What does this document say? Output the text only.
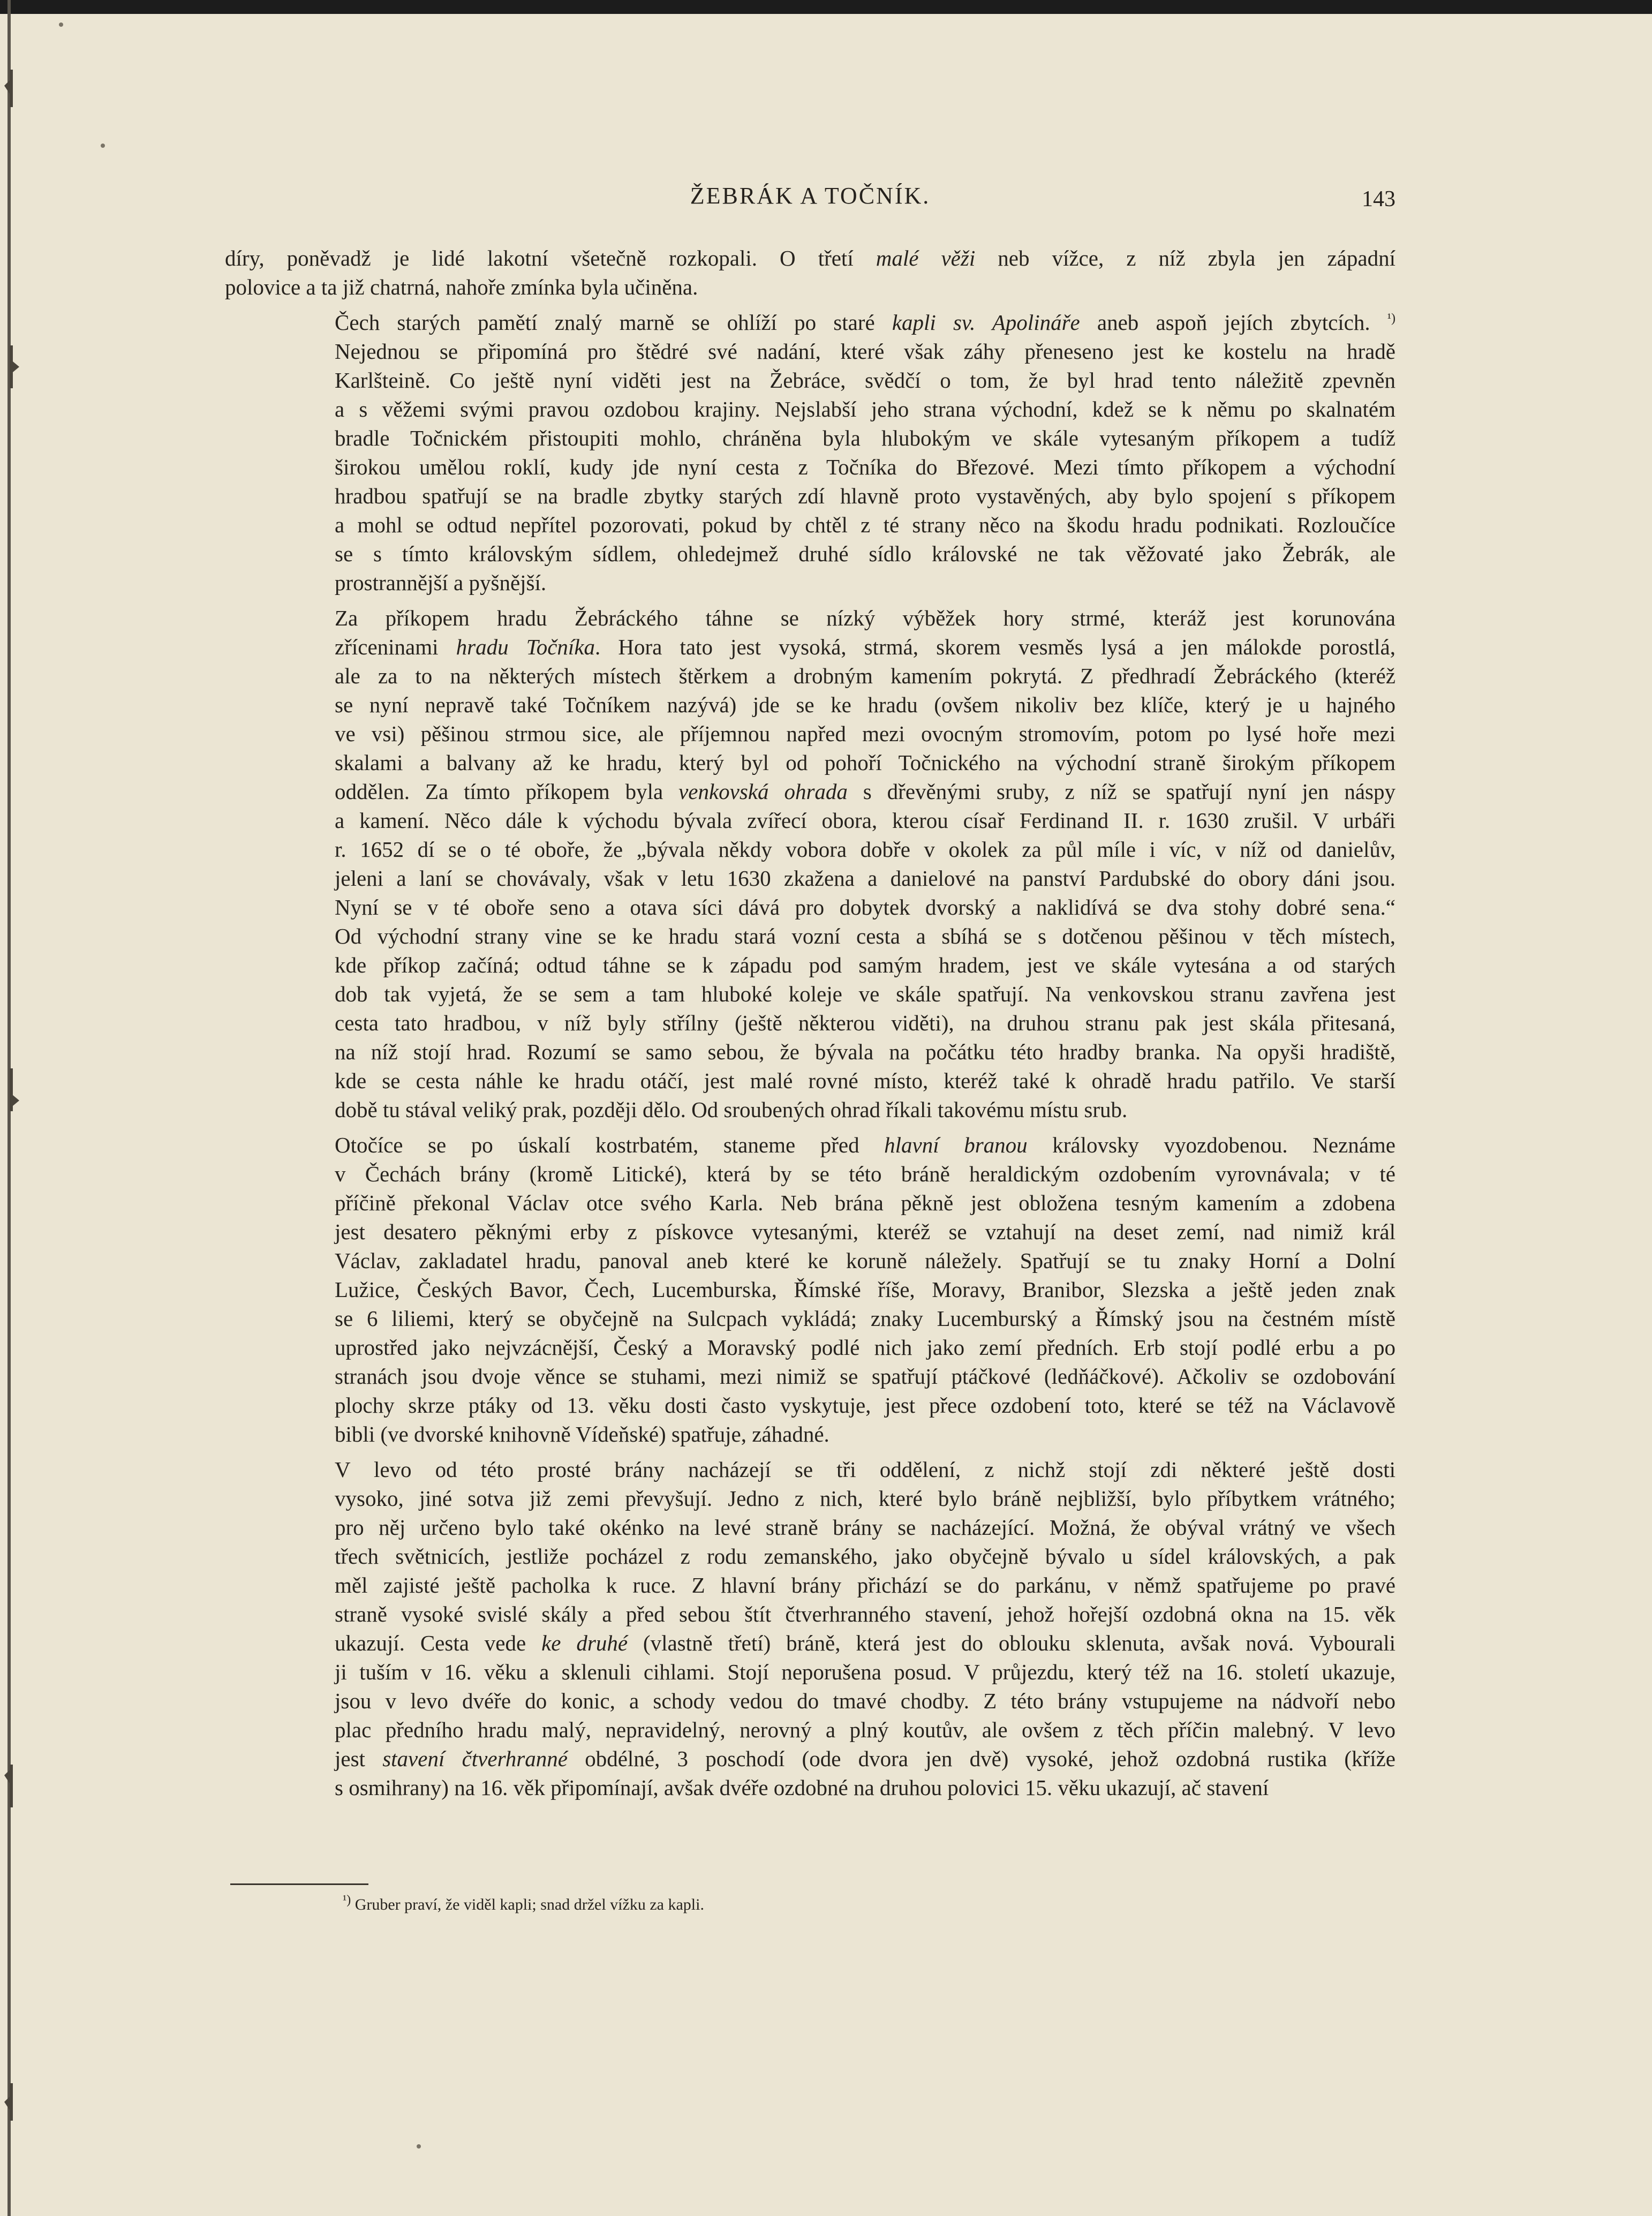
ŽEBRÁK A TOČNÍK.	143
díry, poněvadž je lidé lakotní všetečně rozkopali. O třetí malé věži neb vížce, z níž zbyla jen západní
polovice a ta již chatrná, nahoře zmínka byla učiněna.
Čech starých pamětí znalý marně se ohlíží po staré kapli sv. Apolináře aneb aspoň jejích zbytcích. $^{^1)}$
Nejednou se připomíná pro štědré své nadání, které však záhy přeneseno jest ke kostelu na hradě
Karlšteině. Co ještě nyní viděti jest na Žebráce, svědčí o tom, že byl hrad tento náležitě zpevněn
a s věžemi svými pravou ozdobou krajiny. Nejslabší jeho strana východní, kdež se k němu po skalnatém
bradle Točnickém přistoupiti mohlo, chráněna byla hlubokým ve skále vytesaným příkopem a tudíž
širokou umělou roklí, kudy jde nyní cesta z Točníka do Březové. Mezi tímto příkopem a východní
hradbou spatřují se na bradle zbytky starých zdí hlavně proto vystavěných, aby bylo spojení s příkopem
a mohl se odtud nepřítel pozorovati, pokud by chtěl z té strany něco na škodu hradu podnikati. Rozloučíce
se s tímto královským sídlem, ohledejmež druhé sídlo královské ne tak věžovaté jako Žebrák, ale
prostrannější a pyšnější.
Za příkopem hradu Žebráckého táhne se nízký výběžek hory strmé, kteráž jest korunována
zříceninami hradu Točníka. Hora tato jest vysoká, strmá, skorem vesměs lysá a jen málokde porostlá,
ale za to na některých místech štěrkem a drobným kamením pokrytá. Z předhradí Žebráckého (kteréž
se nyní nepravě také Točníkem nazývá) jde se ke hradu (ovšem nikoliv bez klíče, který je u hajného
ve vsi) pěšinou strmou sice, ale příjemnou napřed mezi ovocným stromovím, potom po lysé hoře mezi
skalami a balvany až ke hradu, který byl od pohoří Točnického na východní straně širokým příkopem
oddělen. Za tímto příkopem byla venkovská ohrada s dřevěnými sruby, z níž se spatřují nyní jen náspy
a kamení. Něco dále k východu bývala zvířecí obora, kterou císař Ferdinand II. r. 1630 zrušil. V urbáři
r. 1652 dí se o té oboře, že „bývala někdy vobora dobře v okolek za půl míle i víc, v níž od danielův,
jeleni a laní se chovávaly, však v letu 1630 zkažena a danielové na panství Pardubské do obory dáni jsou.
Nyní se v té oboře seno a otava síci dává pro dobytek dvorský a naklidívá se dva stohy dobré sena.“
Od východní strany vine se ke hradu stará vozní cesta a sbíhá se s dotčenou pěšinou v těch místech,
kde příkop začíná; odtud táhne se k západu pod samým hradem, jest ve skále vytesána a od starých
dob tak vyjetá, že se sem a tam hluboké koleje ve skále spatřují. Na venkovskou stranu zavřena jest
cesta tato hradbou, v níž byly střílny (ještě některou viděti), na druhou stranu pak jest skála přitesaná,
na níž stojí hrad. Rozumí se samo sebou, že bývala na počátku této hradby branka. Na opyši hradiště,
kde se cesta náhle ke hradu otáčí, jest malé rovné místo, kteréž také k ohradě hradu patřilo. Ve starší
době tu stával veliký prak, později dělo. Od sroubených ohrad říkali takovému místu srub.
Otočíce se po úskalí kostrbatém, staneme před hlavní branou královsky vyozdobenou. Neznáme
v Čechách brány (kromě Litické), která by se této bráně heraldickým ozdobením vyrovnávala; v té
příčině překonal Václav otce svého Karla. Neb brána pěkně jest obložena tesným kamením a zdobena
jest desatero pěknými erby z pískovce vytesanými, kteréž se vztahují na deset zemí, nad nimiž král
Václav, zakladatel hradu, panoval aneb které ke koruně náležely. Spatřují se tu znaky Horní a Dolní
Lužice, Českých Bavor, Čech, Lucemburska, Římské říše, Moravy, Branibor, Slezska a ještě jeden znak
se 6 liliemi, který se obyčejně na Sulcpach vykládá; znaky Lucemburský a Římský jsou na čestném místě
uprostřed jako nejvzácnější, Český a Moravský podlé nich jako zemí předních. Erb stojí podlé erbu a po
stranách jsou dvoje věnce se stuhami, mezi nimiž se spatřují ptáčkové (ledňáčkové). Ačkoliv se ozdobování
plochy skrze ptáky od 13. věku dosti často vyskytuje, jest přece ozdobení toto, které se též na Václavově
bibli (ve dvorské knihovně Vídeňské) spatřuje, záhadné.
V levo od této prosté brány nacházejí se tři oddělení, z nichž stojí zdi některé ještě dosti
vysoko, jiné sotva již zemi převyšují. Jedno z nich, které bylo bráně nejbližší, bylo příbytkem vrátného;
pro něj určeno bylo také okénko na levé straně brány se nacházející. Možná, že obýval vrátný ve všech
třech světnicích, jestliže pocházel z rodu zemanského, jako obyčejně bývalo u sídel královských, a pak
měl zajisté ještě pacholka k ruce. Z hlavní brány přichází se do parkánu, v němž spatřujeme po pravé
straně vysoké svislé skály a před sebou štít čtverhranného stavení, jehož hořejší ozdobná okna na 15. věk
ukazují. Cesta vede ke druhé (vlastně třetí) bráně, která jest do oblouku sklenuta, avšak nová. Vybourali
ji tuším v 16. věku a sklenuli cihlami. Stojí neporušena posud. V průjezdu, který též na 16. století ukazuje,
jsou v levo dvéře do konic, a schody vedou do tmavé chodby. Z této brány vstupujeme na nádvoří nebo
plac předního hradu malý, nepravidelný, nerovný a plný koutův, ale ovšem z těch příčin malebný. V levo
jest stavení čtverhranné obdélné, 3 poschodí (ode dvora jen dvě) vysoké, jehož ozdobná rustika (kříže
s osmihrany) na 16. věk připomínají, avšak dvéře ozdobné na druhou polovici 15. věku ukazují, ač stavení
$^{^1)}$ Gruber praví, že viděl kapli; snad držel vížku za kapli.
